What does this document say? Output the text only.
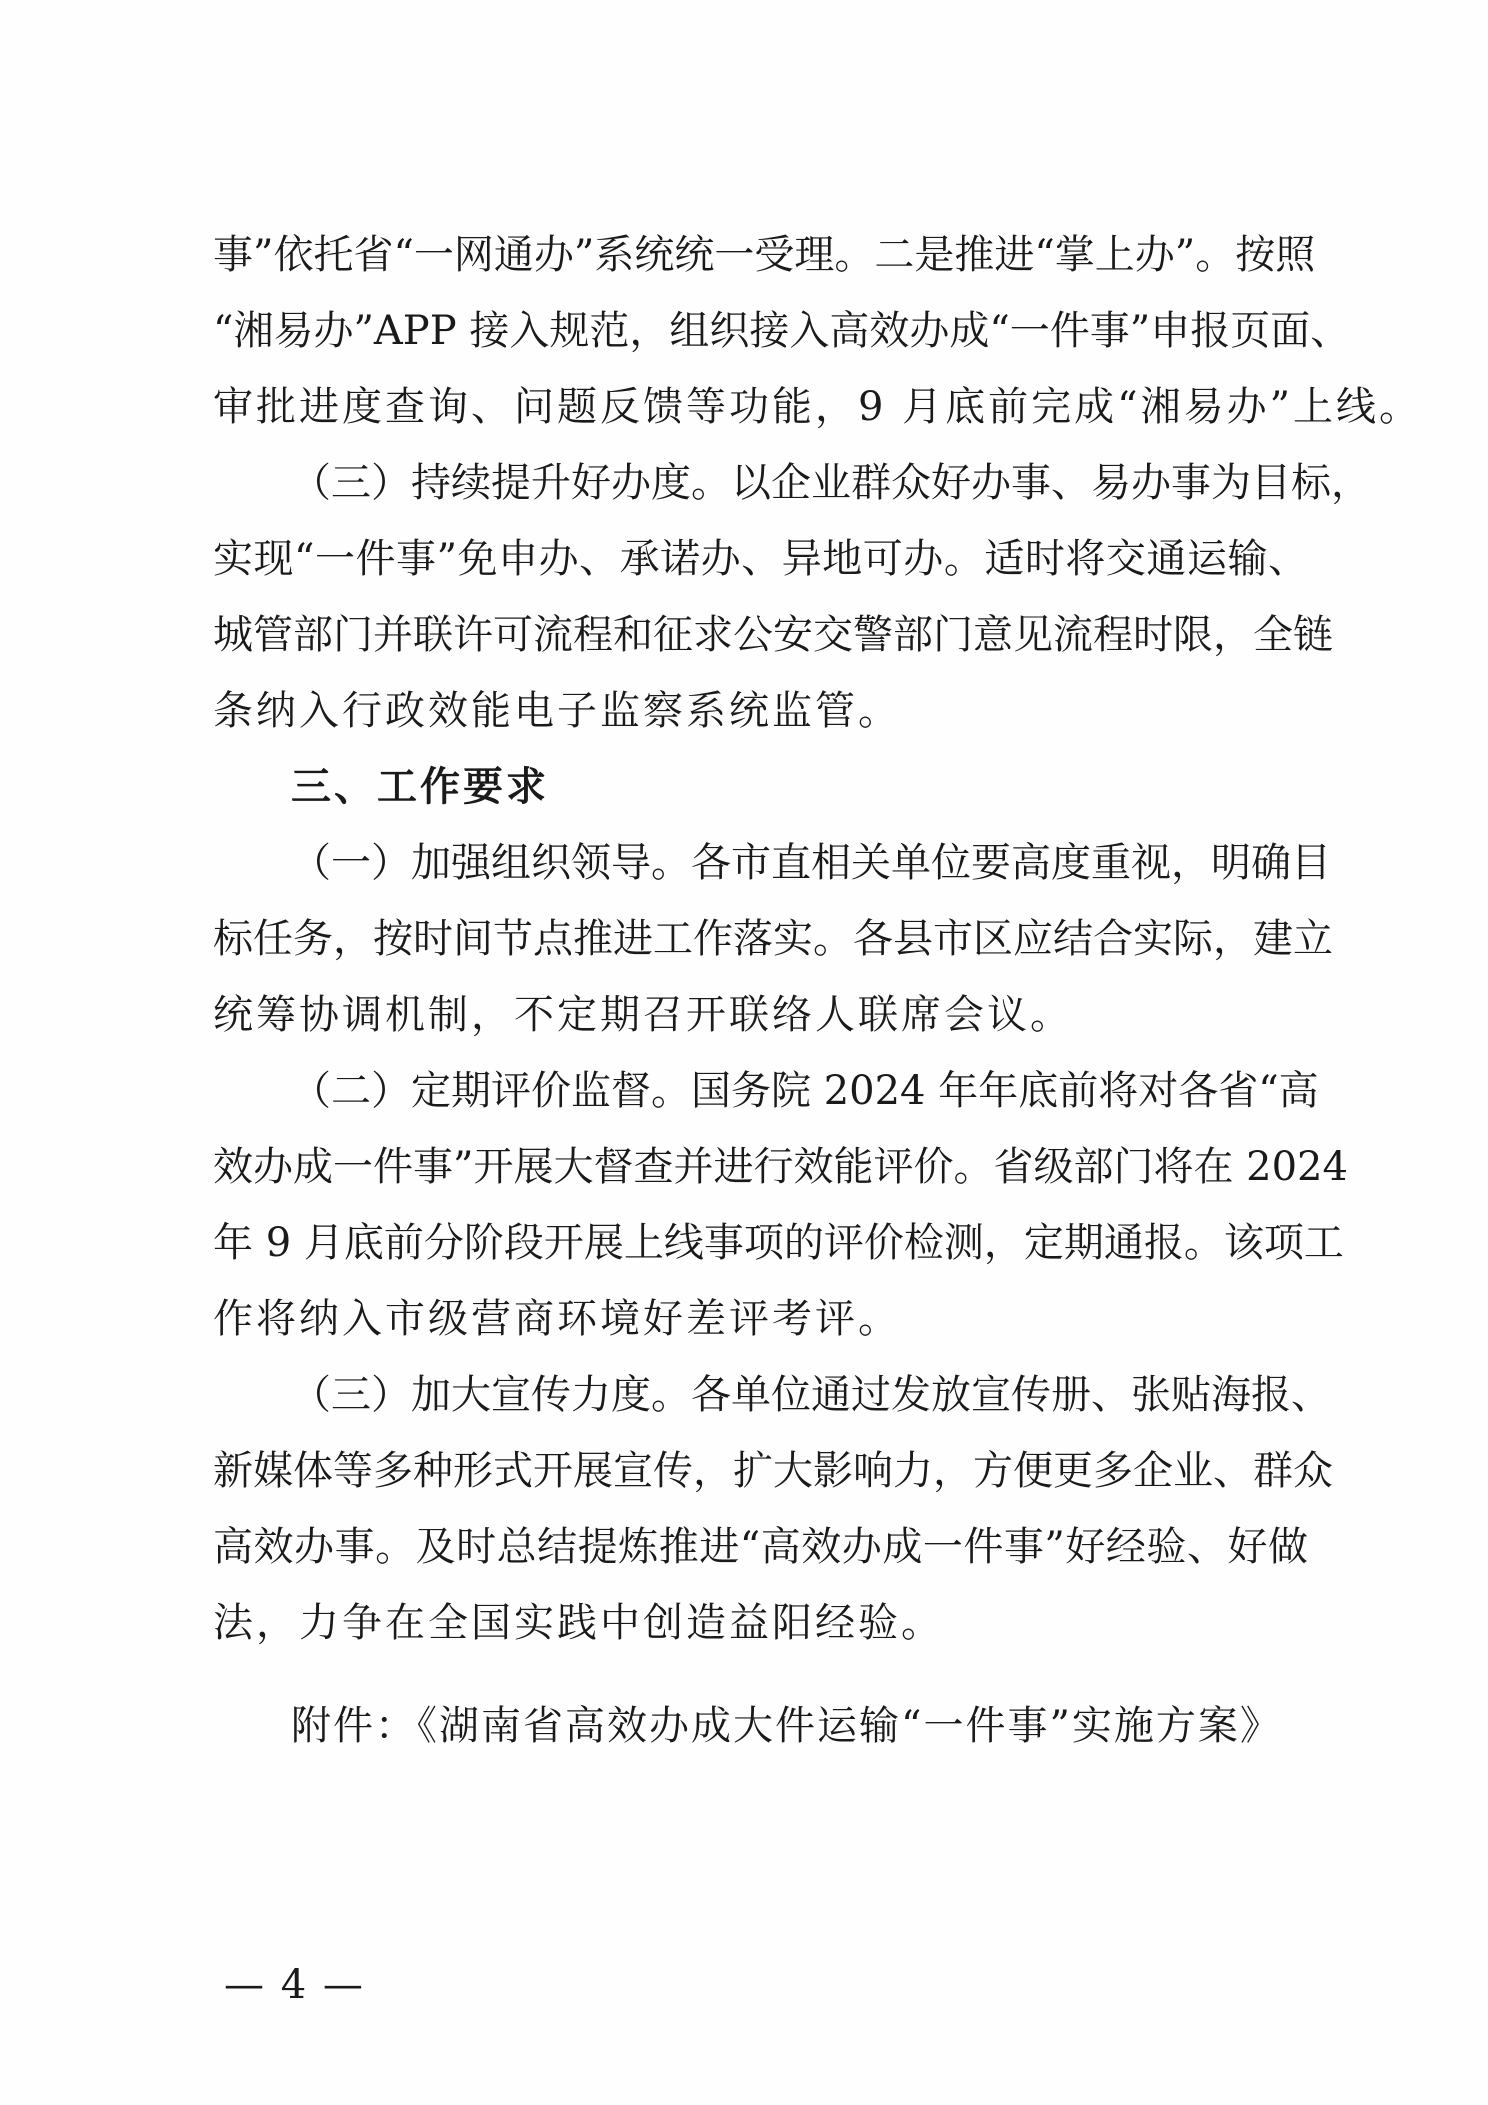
事”依托省“一网通办”系统统一受理。二是推进“掌上办”。按照
“湘易办”APP 接入规范，组织接入高效办成“一件事”申报页面、
审批进度查询、问题反馈等功能，9 月底前完成“湘易办”上线。
（三）持续提升好办度。以企业群众好办事、易办事为目标，
实现“一件事”免申办、承诺办、异地可办。适时将交通运输、
城管部门并联许可流程和征求公安交警部门意见流程时限，全链
条纳入行政效能电子监察系统监管。
三、工作要求
（一）加强组织领导。各市直相关单位要高度重视，明确目
标任务，按时间节点推进工作落实。各县市区应结合实际，建立
统筹协调机制，不定期召开联络人联席会议。
（二）定期评价监督。国务院 2024 年年底前将对各省“高
效办成一件事”开展大督查并进行效能评价。省级部门将在 2024
年 9 月底前分阶段开展上线事项的评价检测，定期通报。该项工
作将纳入市级营商环境好差评考评。
（三）加大宣传力度。各单位通过发放宣传册、张贴海报、
新媒体等多种形式开展宣传，扩大影响力，方便更多企业、群众
高效办事。及时总结提炼推进“高效办成一件事”好经验、好做
法，力争在全国实践中创造益阳经验。
附件：《湖南省高效办成大件运输“一件事”实施方案》
— 4 —
